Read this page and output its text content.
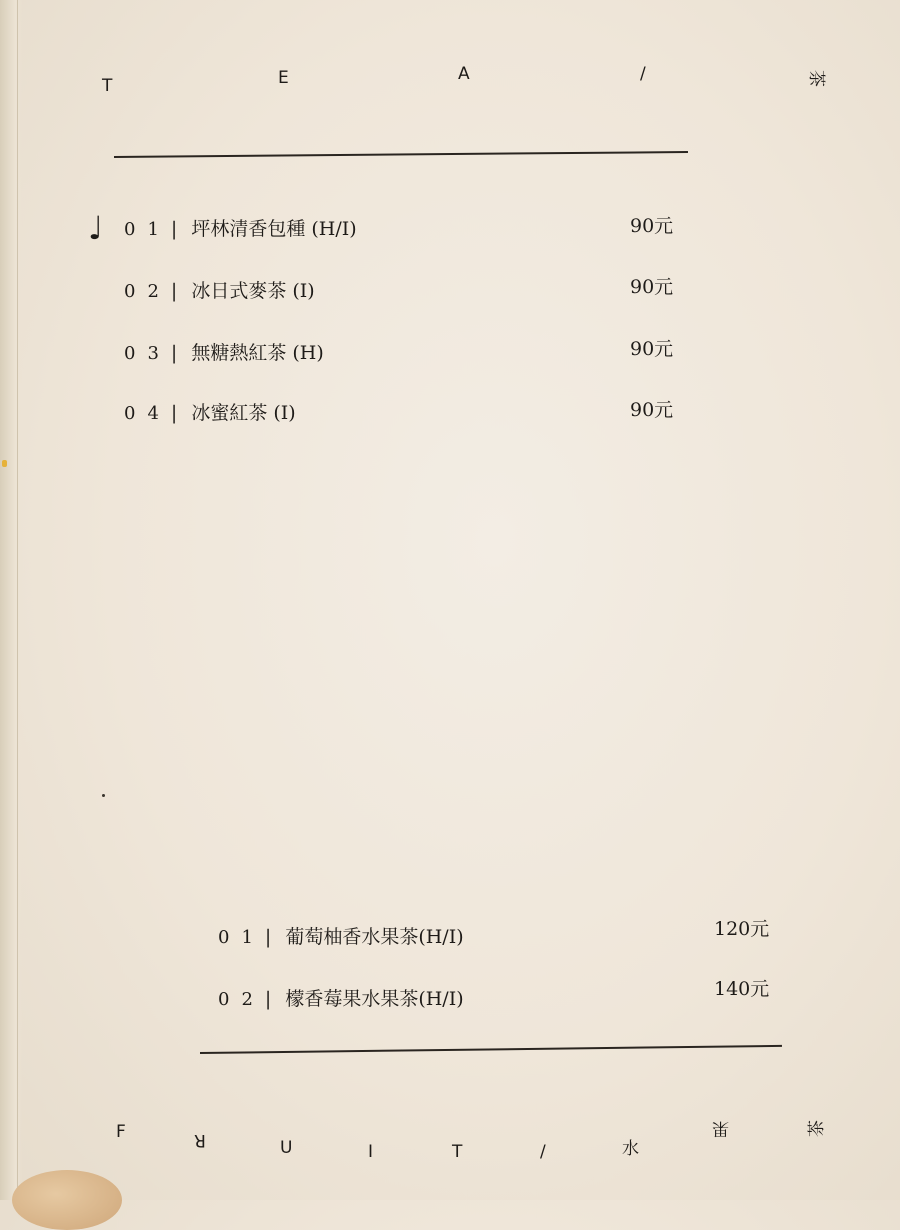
T	E	A	/	茶
♩ 01 | 坪林清香包種 (H/I)	90元
02 | 冰日式麥茶 (I)	90元
03 | 無糖熱紅茶 (H)	90元
04 | 冰蜜紅茶 (I)	90元
01 | 葡萄柚香水果茶(H/I)	120元
02 | 檬香莓果水果茶(H/I)	140元
F	R	U	I	T	/	水
果	茶
